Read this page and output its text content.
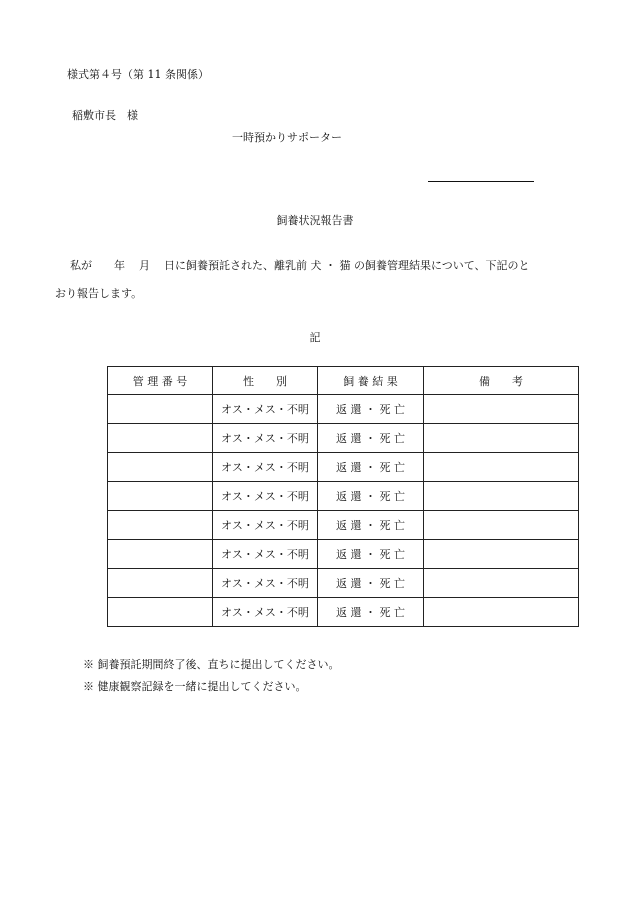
様式第４号（第 11 条関係）
稲敷市長　様
一時預かりサポーター
飼養状況報告書
私が 年 月 日に飼養預託された、離乳前 犬 ・ 猫 の飼養管理結果について、下記のと
おり報告します。
記
管 理 番 号	性　　別	飼 養 結 果	備　　考
	オス・メス・不明	返 還 ・ 死 亡	
	オス・メス・不明	返 還 ・ 死 亡	
	オス・メス・不明	返 還 ・ 死 亡	
	オス・メス・不明	返 還 ・ 死 亡	
	オス・メス・不明	返 還 ・ 死 亡	
	オス・メス・不明	返 還 ・ 死 亡	
	オス・メス・不明	返 還 ・ 死 亡	
	オス・メス・不明	返 還 ・ 死 亡	
※ 飼養預託期間終了後、直ちに提出してください。
※ 健康観察記録を一緒に提出してください。
